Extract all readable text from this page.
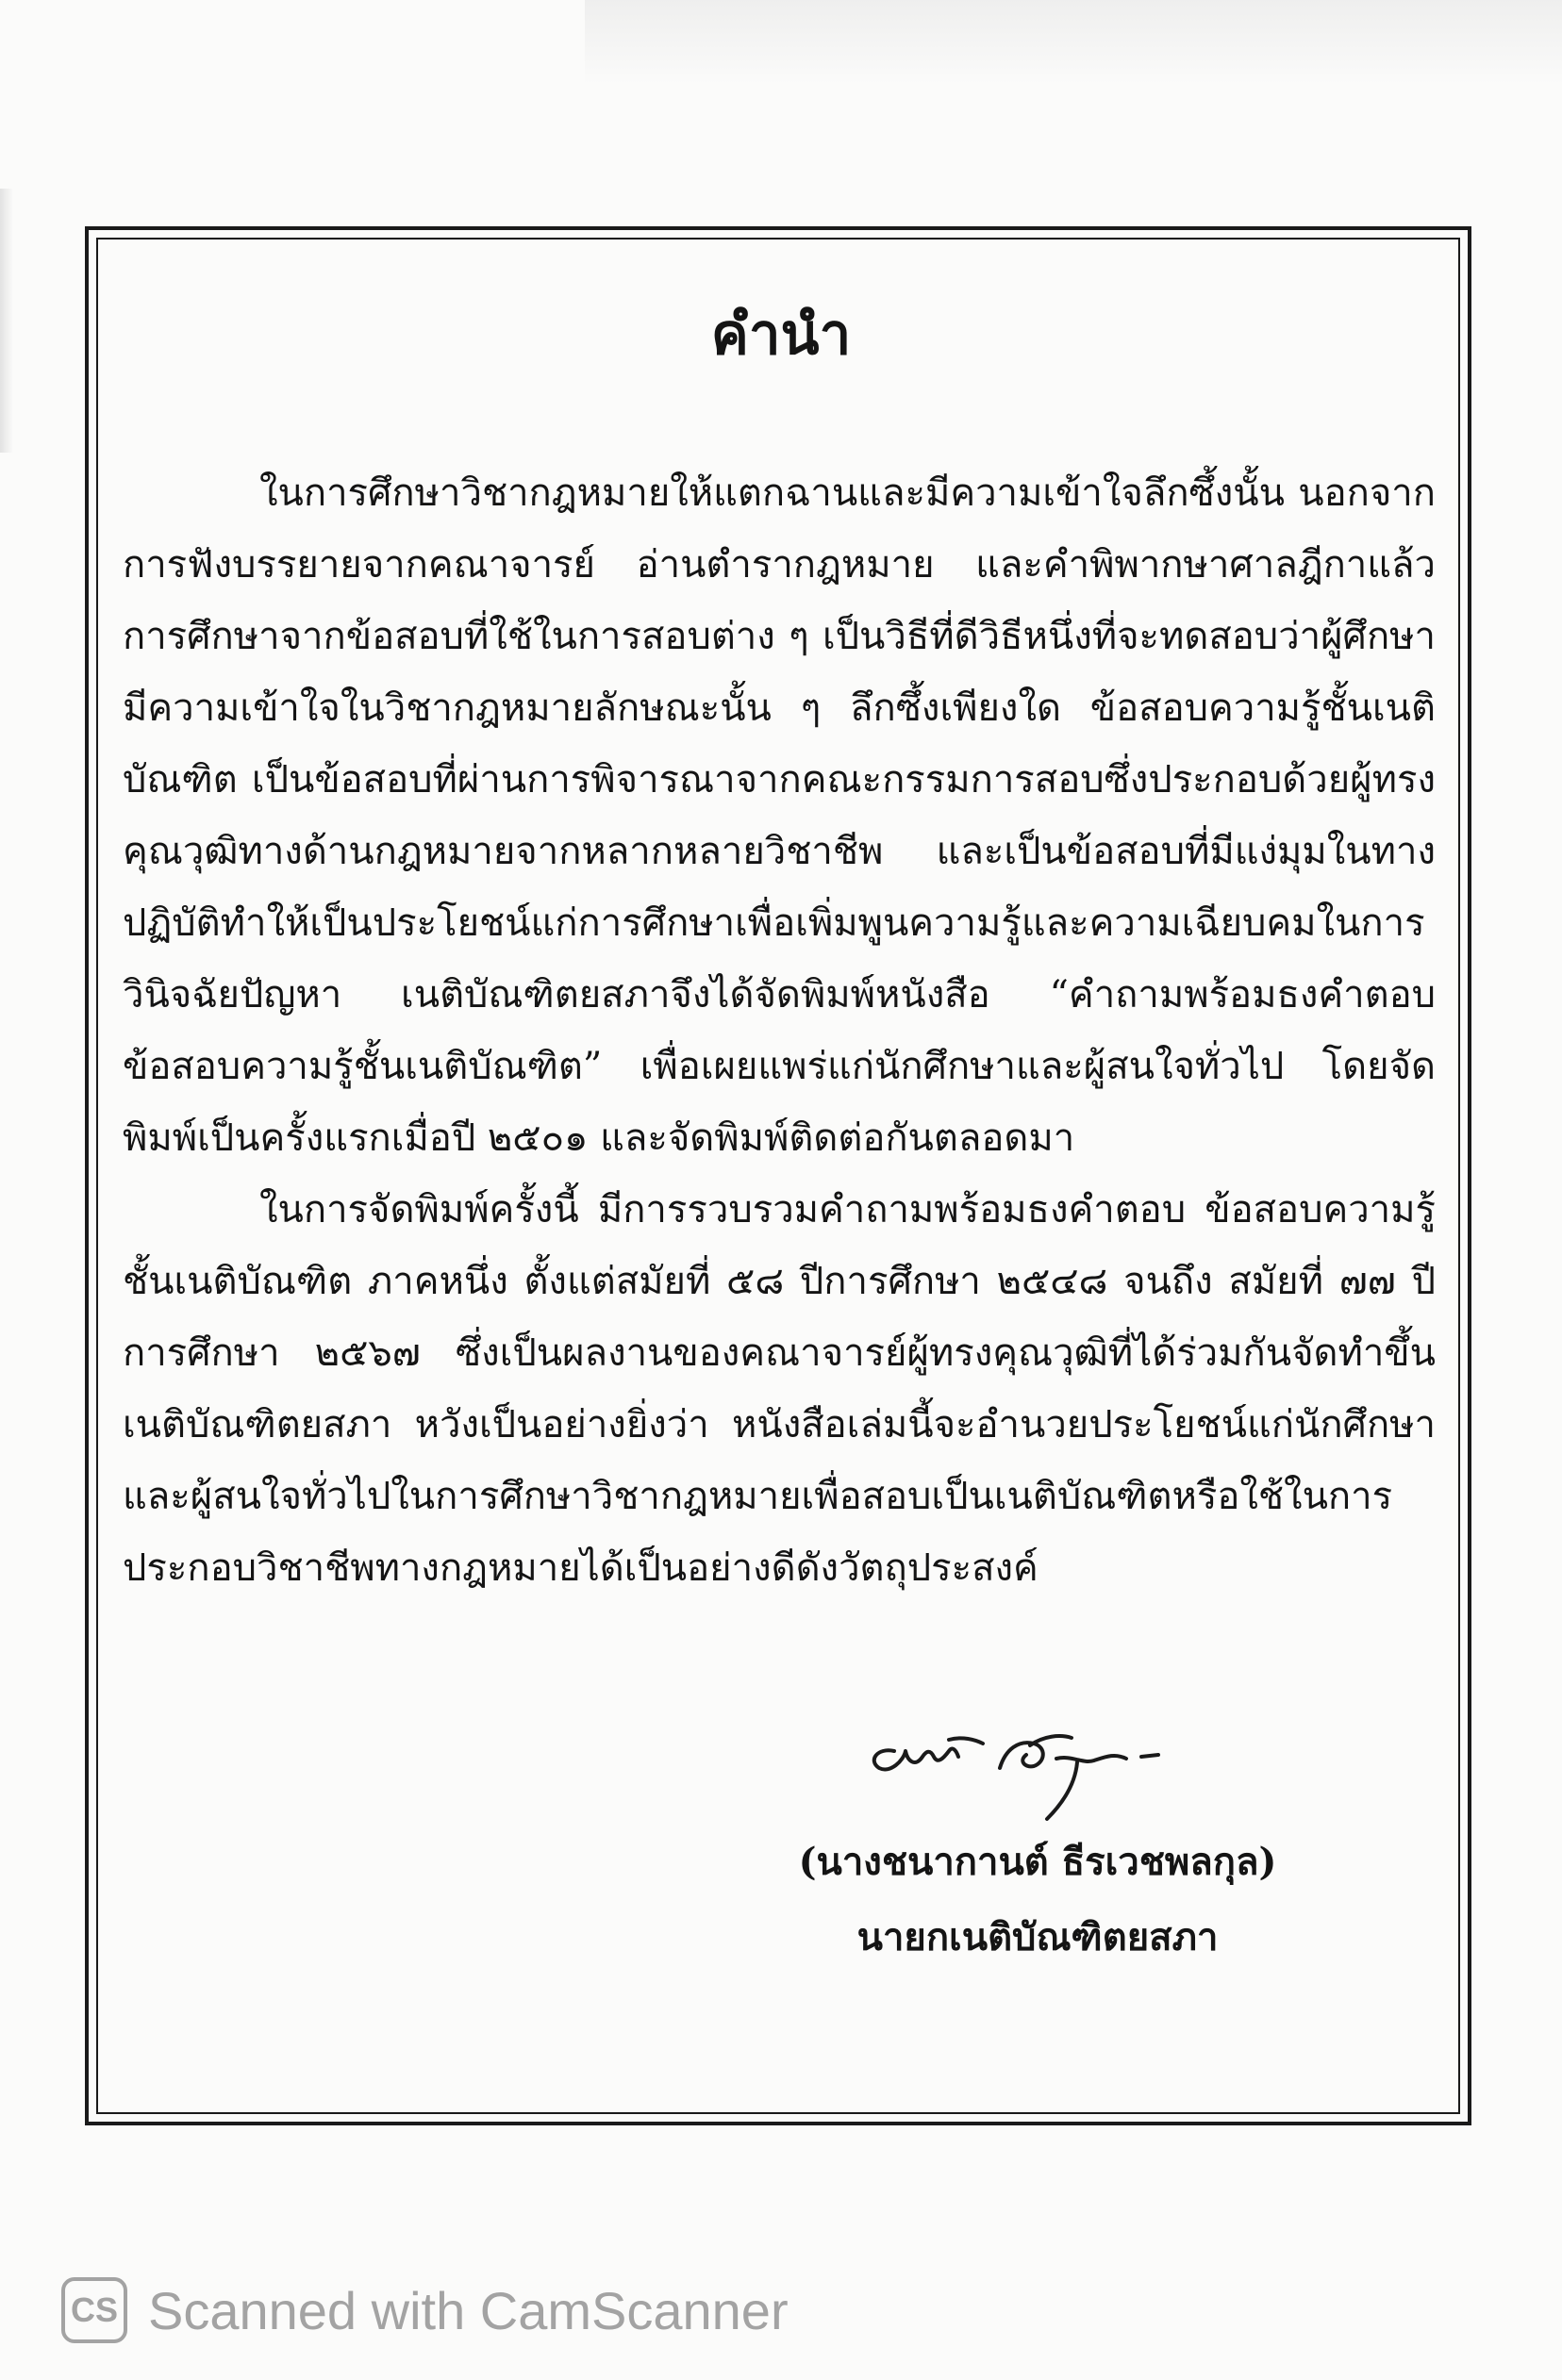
คำนำ

ในการศึกษาวิชากฎหมายให้แตกฉานและมีความเข้าใจลึกซึ้งนั้น นอกจากการฟังบรรยายจากคณาจารย์ อ่านตำรากฎหมาย และคำพิพากษาศาลฎีกาแล้ว การศึกษาจากข้อสอบที่ใช้ในการสอบต่าง ๆ เป็นวิธีที่ดีวิธีหนึ่งที่จะทดสอบว่าผู้ศึกษามีความเข้าใจในวิชากฎหมายลักษณะนั้น ๆ ลึกซึ้งเพียงใด ข้อสอบความรู้ชั้นเนติบัณฑิต เป็นข้อสอบที่ผ่านการพิจารณาจากคณะกรรมการสอบซึ่งประกอบด้วยผู้ทรงคุณวุฒิทางด้านกฎหมายจากหลากหลายวิชาชีพ และเป็นข้อสอบที่มีแง่มุมในทางปฏิบัติทำให้เป็นประโยชน์แก่การศึกษาเพื่อเพิ่มพูนความรู้และความเฉียบคมในการวินิจฉัยปัญหา เนติบัณฑิตยสภาจึงได้จัดพิมพ์หนังสือ “คำถามพร้อมธงคำตอบข้อสอบความรู้ชั้นเนติบัณฑิต” เพื่อเผยแพร่แก่นักศึกษาและผู้สนใจทั่วไป โดยจัดพิมพ์เป็นครั้งแรกเมื่อปี ๒๕๐๑ และจัดพิมพ์ติดต่อกันตลอดมา

ในการจัดพิมพ์ครั้งนี้ มีการรวบรวมคำถามพร้อมธงคำตอบ ข้อสอบความรู้ชั้นเนติบัณฑิต ภาคหนึ่ง ตั้งแต่สมัยที่ ๕๘ ปีการศึกษา ๒๕๔๘ จนถึง สมัยที่ ๗๗ ปีการศึกษา ๒๕๖๗ ซึ่งเป็นผลงานของคณาจารย์ผู้ทรงคุณวุฒิที่ได้ร่วมกันจัดทำขึ้น เนติบัณฑิตยสภา หวังเป็นอย่างยิ่งว่า หนังสือเล่มนี้จะอำนวยประโยชน์แก่นักศึกษาและผู้สนใจทั่วไปในการศึกษาวิชากฎหมายเพื่อสอบเป็นเนติบัณฑิตหรือใช้ในการประกอบวิชาชีพทางกฎหมายได้เป็นอย่างดีดังวัตถุประสงค์

(นางชนากานต์ ธีรเวชพลกุล)
นายกเนติบัณฑิตยสภา
CS Scanned with CamScanner
